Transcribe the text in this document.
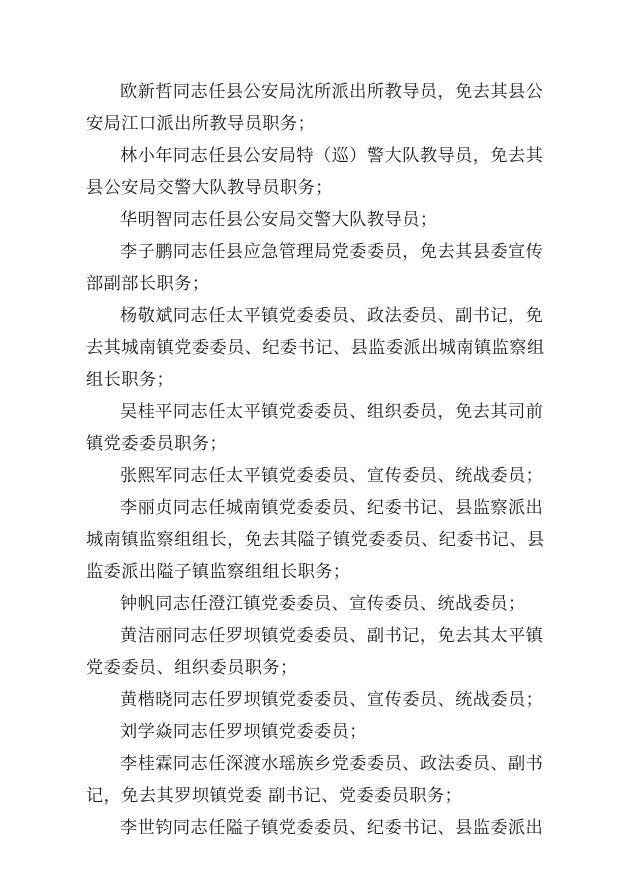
欧新哲同志任县公安局沈所派出所教导员，免去其县公
安局江口派出所教导员职务；

林小年同志任县公安局特（巡）警大队教导员，免去其
县公安局交警大队教导员职务；

华明智同志任县公安局交警大队教导员；

李子鹏同志任县应急管理局党委委员，免去其县委宣传
部副部长职务；

杨敬斌同志任太平镇党委委员、政法委员、副书记，免
去其城南镇党委委员、纪委书记、县监委派出城南镇监察组
组长职务；

吴桂平同志任太平镇党委委员、组织委员，免去其司前
镇党委委员职务；

张熙军同志任太平镇党委委员、宣传委员、统战委员；

李丽贞同志任城南镇党委委员、纪委书记、县监察派出
城南镇监察组组长，免去其隘子镇党委委员、纪委书记、县
监委派出隘子镇监察组组长职务；

钟帆同志任澄江镇党委委员、宣传委员、统战委员；

黄洁丽同志任罗坝镇党委委员、副书记，免去其太平镇
党委委员、组织委员职务；

黄楷晓同志任罗坝镇党委委员、宣传委员、统战委员；

刘学焱同志任罗坝镇党委委员；

李桂霖同志任深渡水瑶族乡党委委员、政法委员、副书
记，免去其罗坝镇党委 副书记、党委委员职务；

李世钧同志任隘子镇党委委员、纪委书记、县监委派出
